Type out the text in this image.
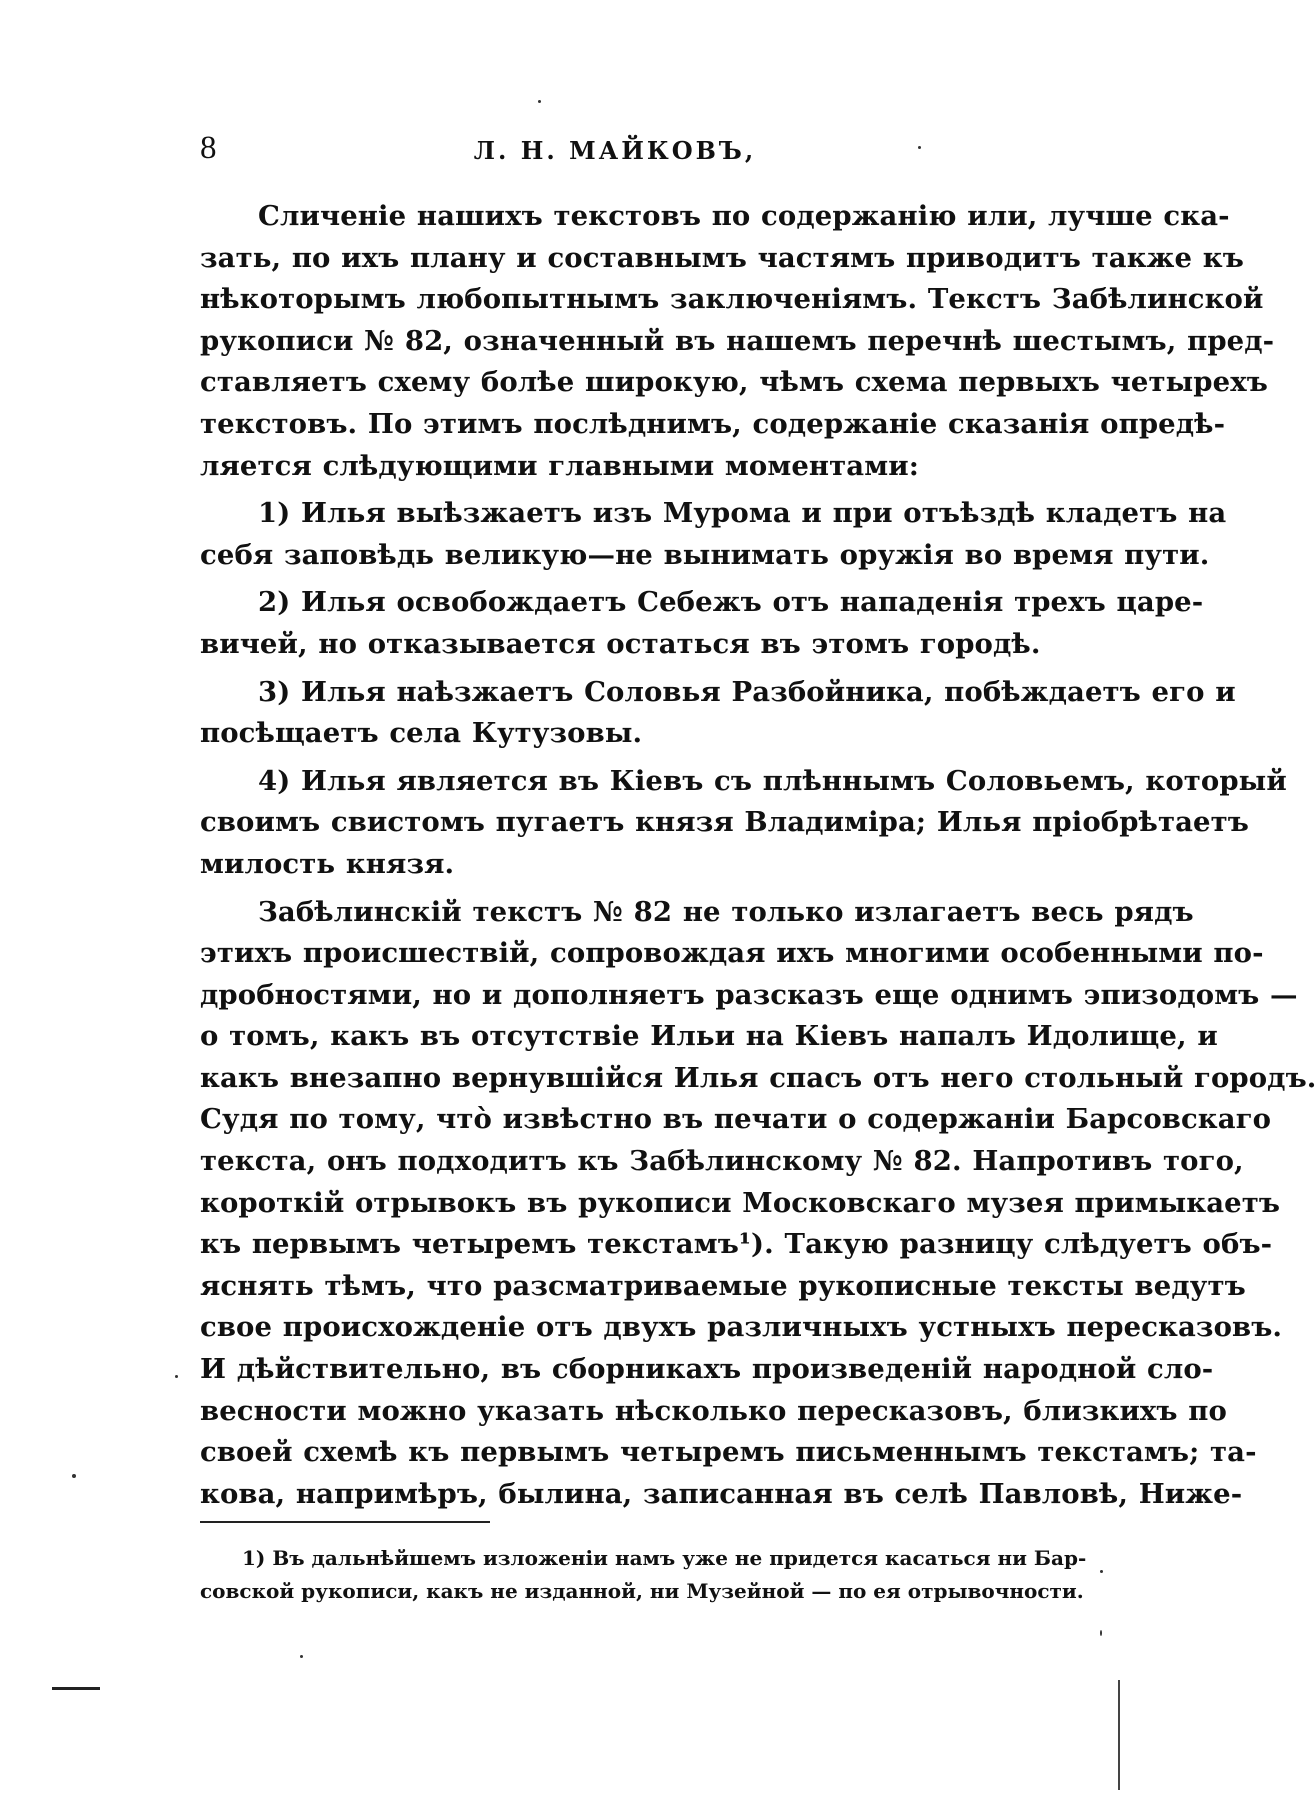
8	Л. Н. МАЙКОВЪ,

Сличеніе нашихъ текстовъ по содержанію или, лучше ска-
зать, по ихъ плану и составнымъ частямъ приводитъ также къ
нѣкоторымъ любопытнымъ заключеніямъ. Текстъ Забѣлинской
рукописи № 82, означенный въ нашемъ перечнѣ шестымъ, пред-
ставляетъ схему болѣе широкую, чѣмъ схема первыхъ четырехъ
текстовъ. По этимъ послѣднимъ, содержаніе сказанія опредѣ-
ляется слѣдующими главными моментами:

1) Илья выѣзжаетъ изъ Мурома и при отъѣздѣ кладетъ на
себя заповѣдь великую—не вынимать оружія во время пути.

2) Илья освобождаетъ Себежъ отъ нападенія трехъ царе-
вичей, но отказывается остаться въ этомъ городѣ.

3) Илья наѣзжаетъ Соловья Разбойника, побѣждаетъ его и
посѣщаетъ села Кутузовы.

4) Илья является въ Кіевъ съ плѣннымъ Соловьемъ, который
своимъ свистомъ пугаетъ князя Владиміра; Илья пріобрѣтаетъ
милость князя.

Забѣлинскій текстъ № 82 не только излагаетъ весь рядъ
этихъ происшествій, сопровождая ихъ многими особенными по-
дробностями, но и дополняетъ разсказъ еще однимъ эпизодомъ —
о томъ, какъ въ отсутствіе Ильи на Кіевъ напалъ Идолище, и
какъ внезапно вернувшійся Илья спасъ отъ него стольный городъ.
Судя по тому, что̀ извѣстно въ печати о содержаніи Барсовскаго
текста, онъ подходитъ къ Забѣлинскому № 82. Напротивъ того,
короткій отрывокъ въ рукописи Московскаго музея примыкаетъ
къ первымъ четыремъ текстамъ¹). Такую разницу слѣдуетъ объ-
яснять тѣмъ, что разсматриваемые рукописные тексты ведутъ
свое происхожденіе отъ двухъ различныхъ устныхъ пересказовъ.
И дѣйствительно, въ сборникахъ произведеній народной сло-
весности можно указать нѣсколько пересказовъ, близкихъ по
своей схемѣ къ первымъ четыремъ письменнымъ текстамъ; та-
кова, напримѣръ, былина, записанная въ селѣ Павловѣ, Ниже-

1) Въ дальнѣйшемъ изложеніи намъ уже не придется касаться ни Бар-
совской рукописи, какъ не изданной, ни Музейной — по ея отрывочности.
